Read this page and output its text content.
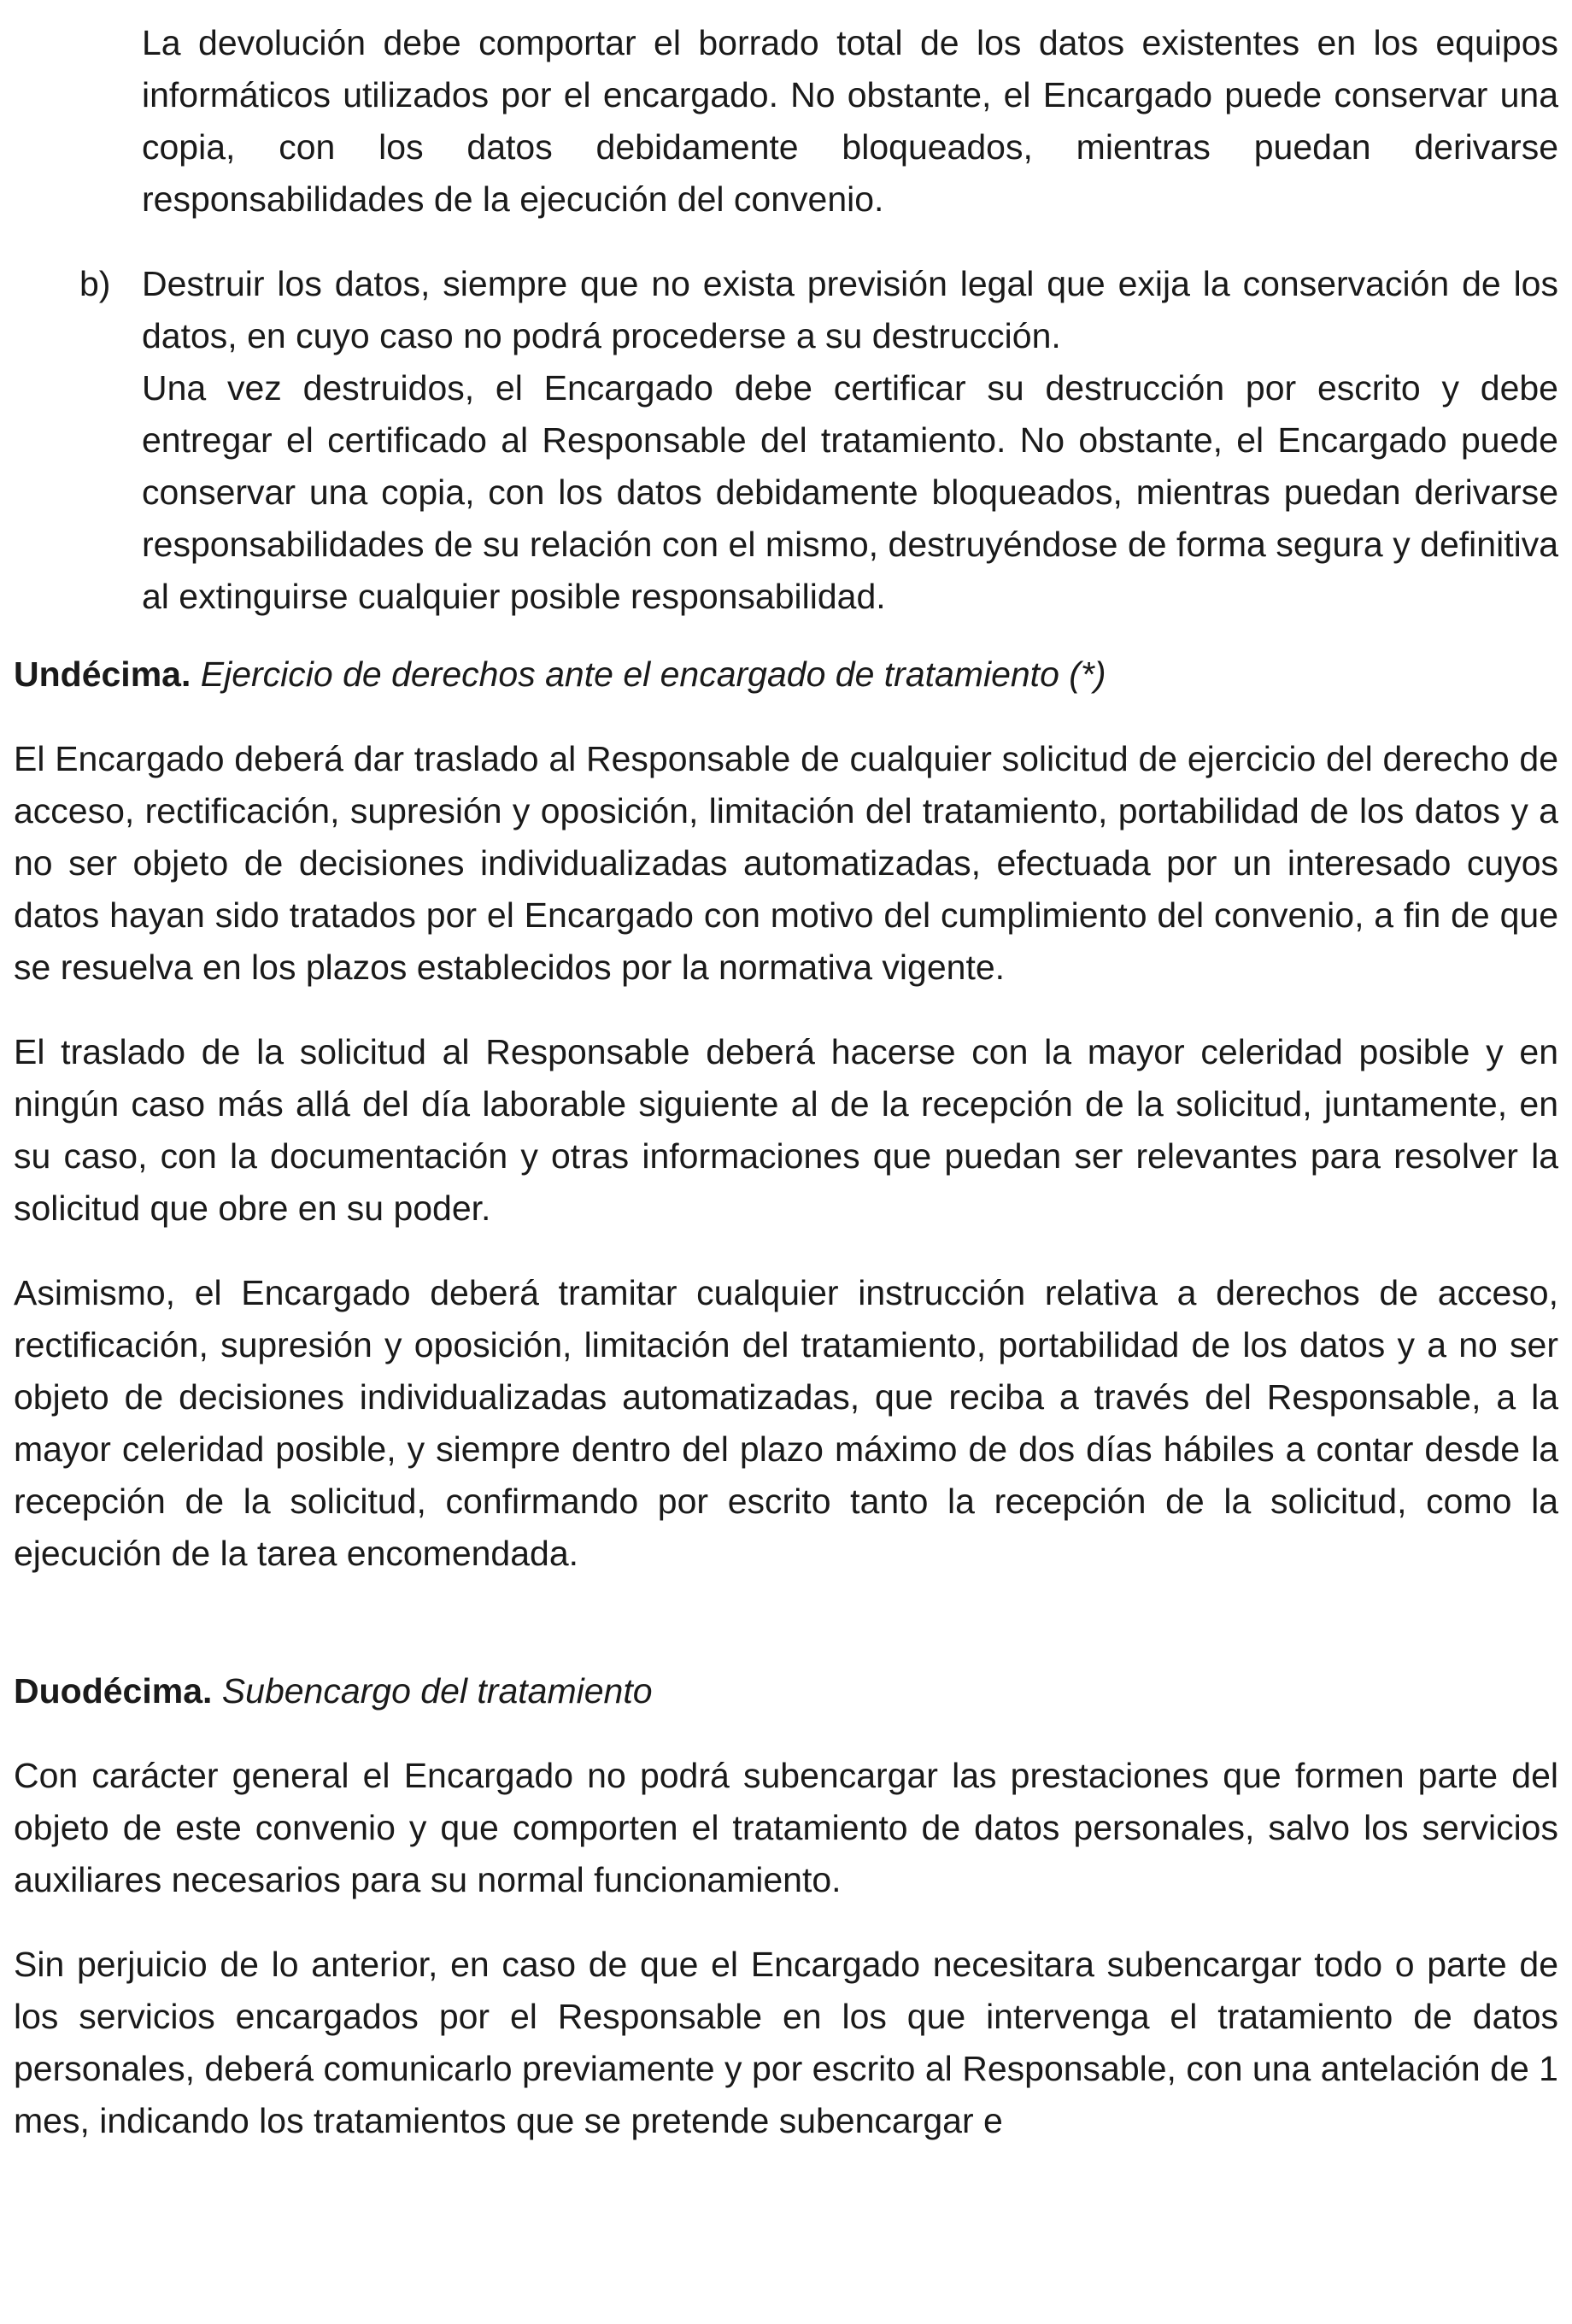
La devolución debe comportar el borrado total de los datos existentes en los equipos informáticos utilizados por el encargado. No obstante, el Encargado puede conservar una copia, con los datos debidamente bloqueados, mientras puedan derivarse responsabilidades de la ejecución del convenio.

b) Destruir los datos, siempre que no exista previsión legal que exija la conservación de los datos, en cuyo caso no podrá procederse a su destrucción.

Una vez destruidos, el Encargado debe certificar su destrucción por escrito y debe entregar el certificado al Responsable del tratamiento. No obstante, el Encargado puede conservar una copia, con los datos debidamente bloqueados, mientras puedan derivarse responsabilidades de su relación con el mismo, destruyéndose de forma segura y definitiva al extinguirse cualquier posible responsabilidad.

Undécima. Ejercicio de derechos ante el encargado de tratamiento (*)

El Encargado deberá dar traslado al Responsable de cualquier solicitud de ejercicio del derecho de acceso, rectificación, supresión y oposición, limitación del tratamiento, portabilidad de los datos y a no ser objeto de decisiones individualizadas automatizadas, efectuada por un interesado cuyos datos hayan sido tratados por el Encargado con motivo del cumplimiento del convenio, a fin de que se resuelva en los plazos establecidos por la normativa vigente.

El traslado de la solicitud al Responsable deberá hacerse con la mayor celeridad posible y en ningún caso más allá del día laborable siguiente al de la recepción de la solicitud, juntamente, en su caso, con la documentación y otras informaciones que puedan ser relevantes para resolver la solicitud que obre en su poder.

Asimismo, el Encargado deberá tramitar cualquier instrucción relativa a derechos de acceso, rectificación, supresión y oposición, limitación del tratamiento, portabilidad de los datos y a no ser objeto de decisiones individualizadas automatizadas, que reciba a través del Responsable, a la mayor celeridad posible, y siempre dentro del plazo máximo de dos días hábiles a contar desde la recepción de la solicitud, confirmando por escrito tanto la recepción de la solicitud, como la ejecución de la tarea encomendada.

Duodécima. Subencargo del tratamiento

Con carácter general el Encargado no podrá subencargar las prestaciones que formen parte del objeto de este convenio y que comporten el tratamiento de datos personales, salvo los servicios auxiliares necesarios para su normal funcionamiento.

Sin perjuicio de lo anterior, en caso de que el Encargado necesitara subencargar todo o parte de los servicios encargados por el Responsable en los que intervenga el tratamiento de datos personales, deberá comunicarlo previamente y por escrito al Responsable, con una antelación de 1 mes, indicando los tratamientos que se pretende subencargar e
